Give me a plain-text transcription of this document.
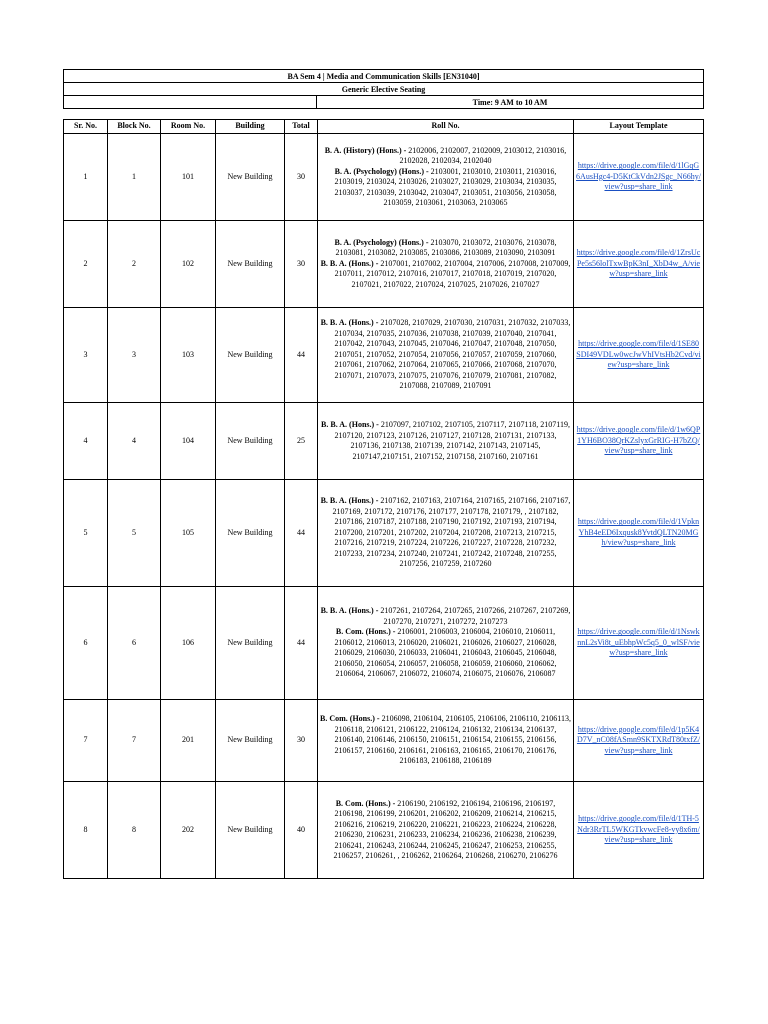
BA Sem 4 | Media and Communication Skills [EN31040]
Generic Elective Seating
	Time: 9 AM to 10 AM
Sr. No.	Block No.	Room No.	Building	Total	Roll No.	Layout Template
1	1	101	New Building	30	B. A. (History) (Hons.) - 2102006, 2102007, 2102009, 2103012, 2103016, 2102028, 2102034, 2102040
B. A. (Psychology) (Hons.) - 2103001, 2103010, 2103011, 2103016, 2103019, 2103024, 2103026, 2103027, 2103029, 2103034, 2103035, 2103037, 2103039, 2103042, 2103047, 2103051, 2103056, 2103058, 2103059, 2103061, 2103063, 2103065	https://drive.google.com/file/d/1lGqG6AusHgc4-D5KtCkVdn2JSgc_N66hy/view?usp=share_link
2	2	102	New Building	30	B. A. (Psychology) (Hons.) - 2103070, 2103072, 2103076, 2103078, 2103081, 2103082, 2103085, 2103086, 2103089, 2103090, 2103091
B. B. A. (Hons.) - 2107001, 2107002, 2107004, 2107006, 2107008, 2107009, 2107011, 2107012, 2107016, 2107017, 2107018, 2107019, 2107020, 2107021, 2107022, 2107024, 2107025, 2107026, 2107027	https://drive.google.com/file/d/1ZrsUcPe5s56lolTxwBpK3nI_XbD4w_A/view?usp=share_link
3	3	103	New Building	44	B. B. A. (Hons.) - 2107028, 2107029, 2107030, 2107031, 2107032, 2107033, 2107034, 2107035, 2107036, 2107038, 2107039, 2107040, 2107041, 2107042, 2107043, 2107045, 2107046, 2107047, 2107048, 2107050, 2107051, 2107052, 2107054, 2107056, 2107057, 2107059, 2107060, 2107061, 2107062, 2107064, 2107065, 2107066, 2107068, 2107070, 2107071, 2107073, 2107075, 2107076, 2107079, 2107081, 2107082, 2107088, 2107089, 2107091	https://drive.google.com/file/d/1SE80SDI49VDLw0wcJwVhIVtsHb2Cvd/view?usp=share_link
4	4	104	New Building	25	B. B. A. (Hons.) - 2107097, 2107102, 2107105, 2107117, 2107118, 2107119, 2107120, 2107123, 2107126, 2107127, 2107128, 2107131, 2107133, 2107136, 2107138, 2107139, 2107142, 2107143, 2107145, 2107147,2107151, 2107152, 2107158, 2107160, 2107161	https://drive.google.com/file/d/1w6QP1YH6BO38QrKZslyxGrRIG-H7bZQ/view?usp=share_link
5	5	105	New Building	44	B. B. A. (Hons.) - 2107162, 2107163, 2107164, 2107165, 2107166, 2107167, 2107169, 2107172, 2107176, 2107177, 2107178, 2107179, , 2107182, 2107186, 2107187, 2107188, 2107190, 2107192, 2107193, 2107194, 2107200, 2107201, 2107202, 2107204, 2107208, 2107213, 2107215, 2107216, 2107219, 2107224, 2107226, 2107227, 2107228, 2107232, 2107233, 2107234, 2107240, 2107241, 2107242, 2107248, 2107255, 2107256, 2107259, 2107260	https://drive.google.com/file/d/1VpknYhB4eED6Ixqusk8YvtdQLTN20MGh/view?usp=share_link
6	6	106	New Building	44	B. B. A. (Hons.) - 2107261, 2107264, 2107265, 2107266, 2107267, 2107269, 2107270, 2107271, 2107272, 2107273
B. Com. (Hons.) - 2106001, 2106003, 2106004, 2106010, 2106011, 2106012, 2106013, 2106020, 2106021, 2106026, 2106027, 2106028, 2106029, 2106030, 2106033, 2106041, 2106043, 2106045, 2106048, 2106050, 2106054, 2106057, 2106058, 2106059, 2106060, 2106062, 2106064, 2106067, 2106072, 2106074, 2106075, 2106076, 2106087	https://drive.google.com/file/d/1NswknnL2sVi8t_uEbhpWc5q5_0_wlSF/view?usp=share_link
7	7	201	New Building	30	B. Com. (Hons.) - 2106098, 2106104, 2106105, 2106106, 2106110, 2106113, 2106118, 2106121, 2106122, 2106124, 2106132, 2106134, 2106137, 2106140, 2106146, 2106150, 2106151, 2106154, 2106155, 2106156, 2106157, 2106160, 2106161, 2106163, 2106165, 2106170, 2106176, 2106183, 2106188, 2106189	https://drive.google.com/file/d/1p5K4D7V_nC08fASmn9SKTXRdT80txfZ/view?usp=share_link
8	8	202	New Building	40	B. Com. (Hons.) - 2106190, 2106192, 2106194, 2106196, 2106197, 2106198, 2106199, 2106201, 2106202, 2106209, 2106214, 2106215, 2106216, 2106219, 2106220, 2106221, 2106223, 2106224, 2106228, 2106230, 2106231, 2106233, 2106234, 2106236, 2106238, 2106239, 2106241, 2106243, 2106244, 2106245, 2106247, 2106253, 2106255, 2106257, 2106261, , 2106262, 2106264, 2106268, 2106270, 2106276	https://drive.google.com/file/d/1TH-5Ndr3RrTL5WKGTkvwcFe8-vy8x6m/view?usp=share_link
